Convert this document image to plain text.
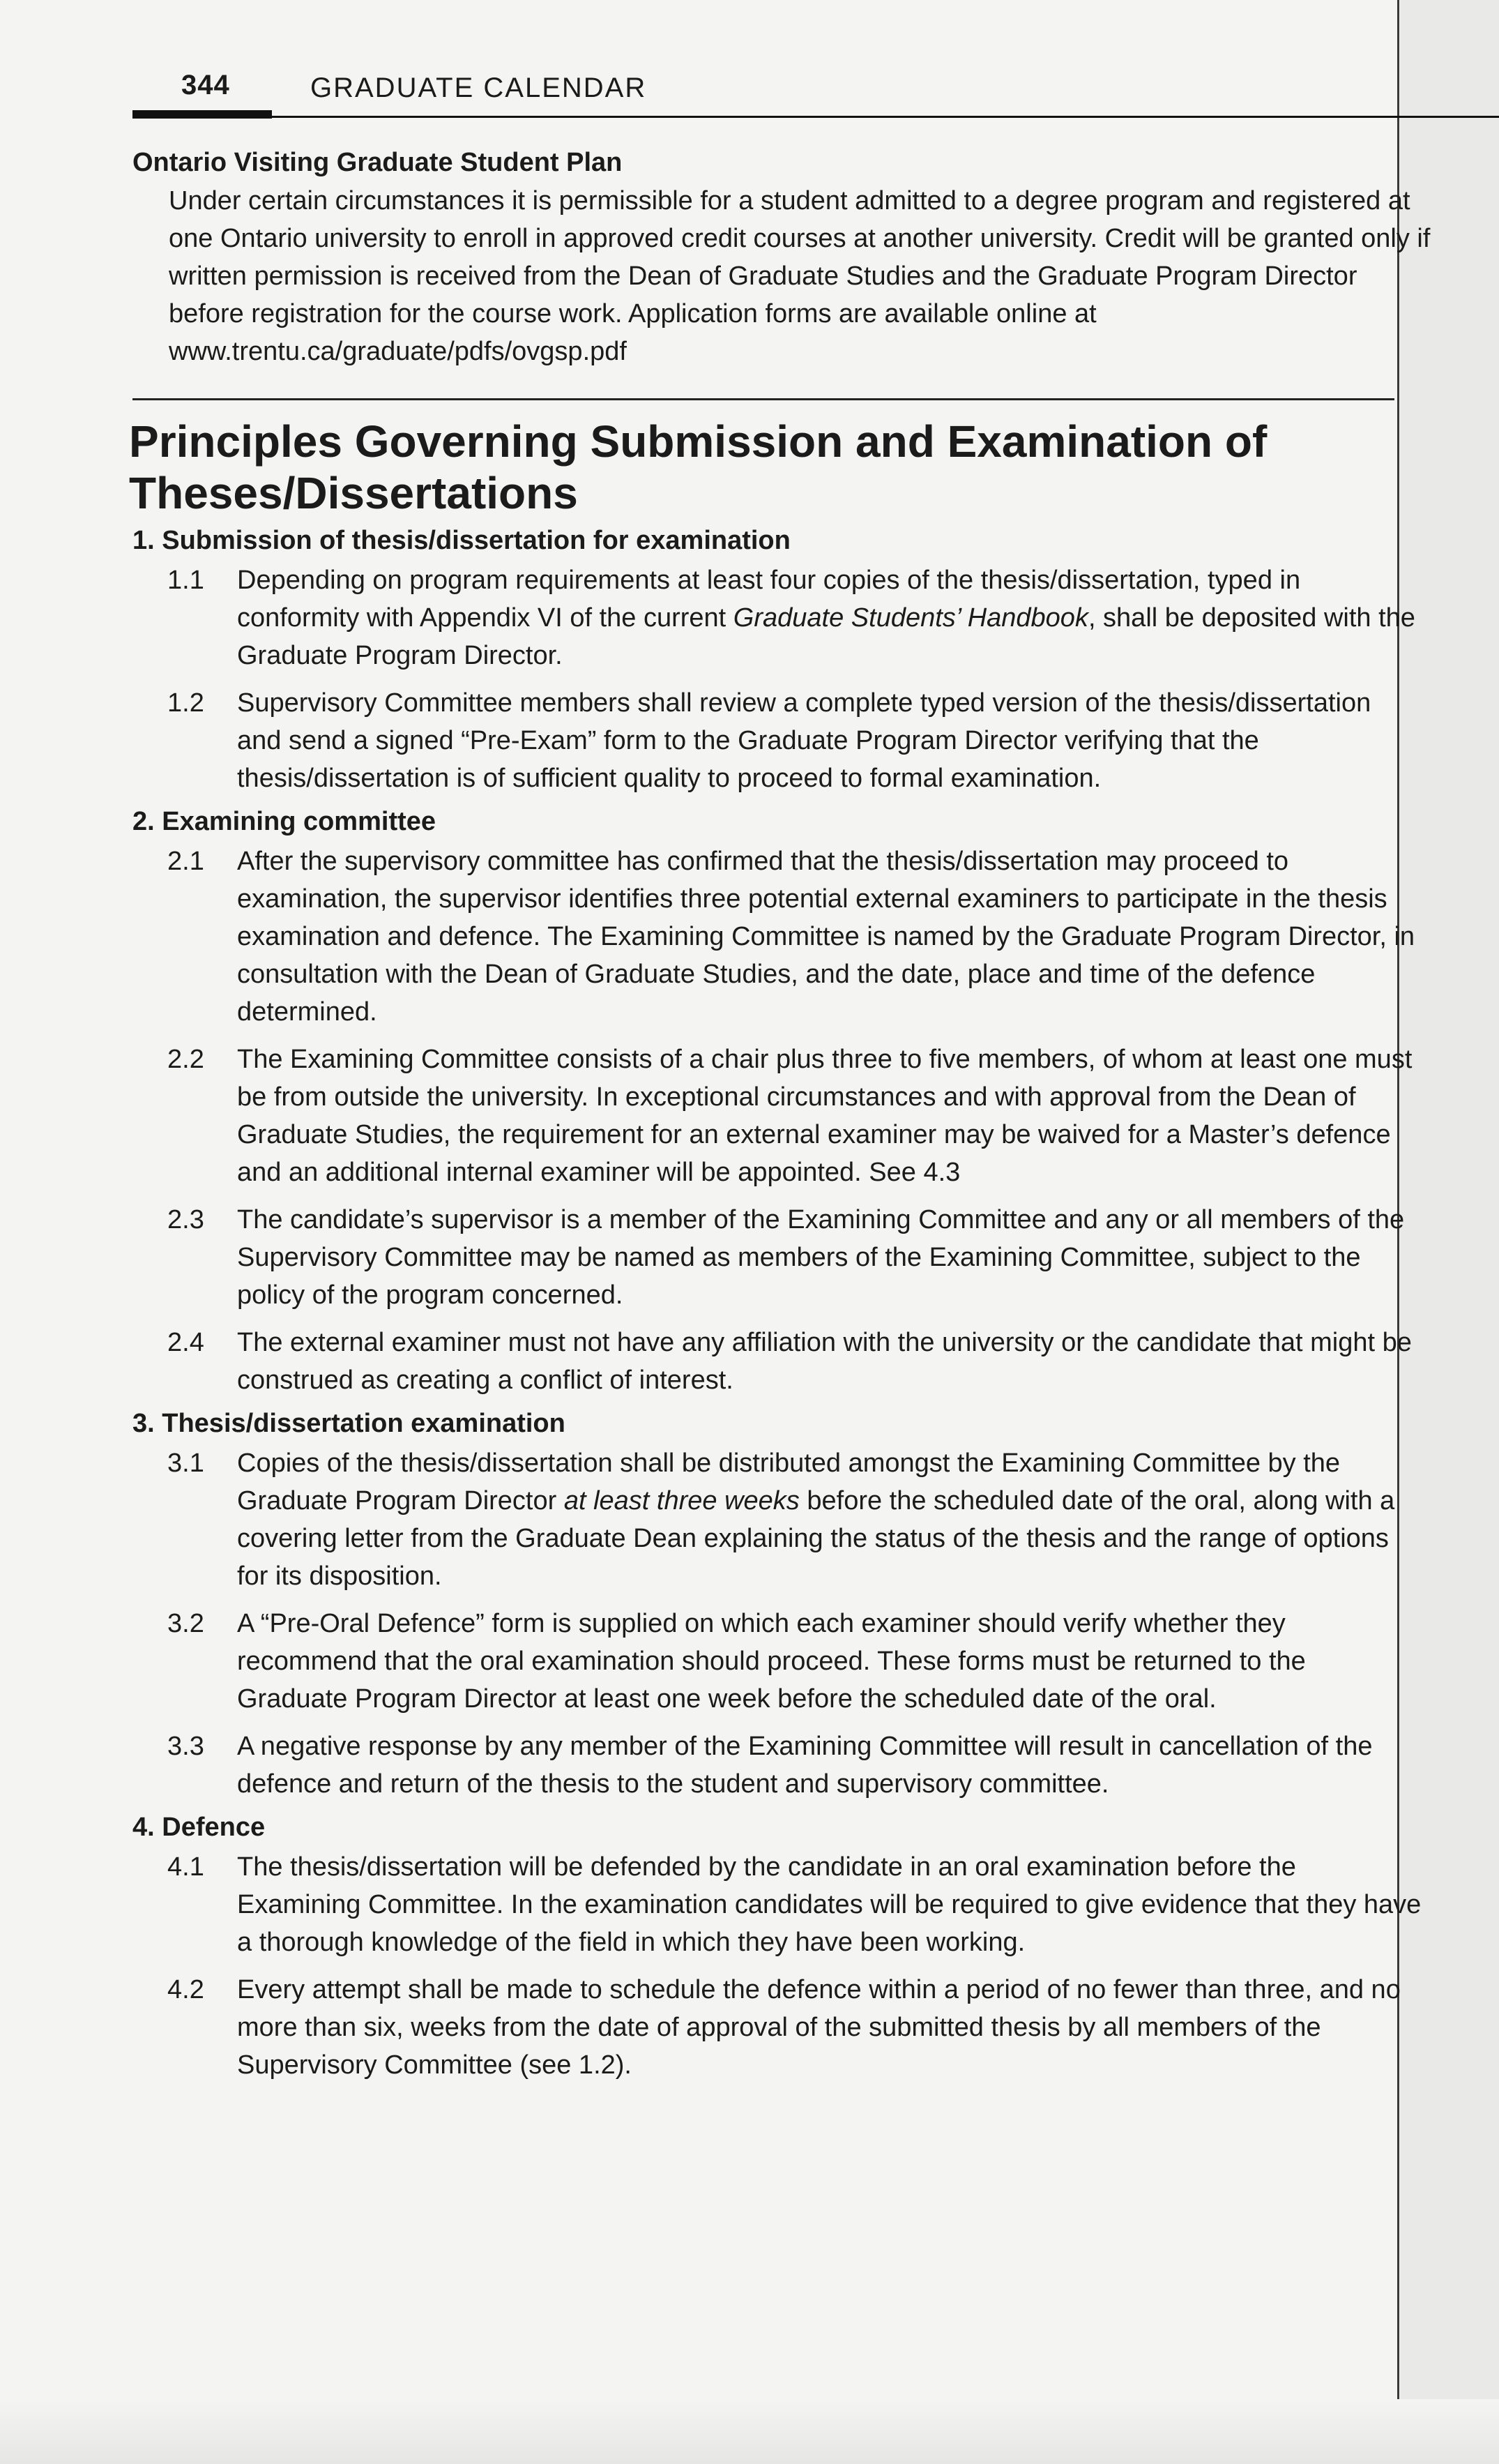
344	GRADUATE CALENDAR
Ontario Visiting Graduate Student Plan
Under certain circumstances it is permissible for a student admitted to a degree program and registered at one Ontario university to enroll in approved credit courses at another university. Credit will be granted only if written permission is received from the Dean of Graduate Studies and the Graduate Program Director before registration for the course work. Application forms are available online at www.trentu.ca/graduate/pdfs/ovgsp.pdf
Principles Governing Submission and Examination of Theses/Dissertations
1. Submission of thesis/dissertation for examination
1.1 Depending on program requirements at least four copies of the thesis/dissertation, typed in conformity with Appendix VI of the current Graduate Students’ Handbook, shall be deposited with the Graduate Program Director.
1.2 Supervisory Committee members shall review a complete typed version of the thesis/dissertation and send a signed “Pre-Exam” form to the Graduate Program Director verifying that the thesis/dissertation is of sufficient quality to proceed to formal examination.
2. Examining committee
2.1 After the supervisory committee has confirmed that the thesis/dissertation may proceed to examination, the supervisor identifies three potential external examiners to participate in the thesis examination and defence. The Examining Committee is named by the Graduate Program Director, in consultation with the Dean of Graduate Studies, and the date, place and time of the defence determined.
2.2 The Examining Committee consists of a chair plus three to five members, of whom at least one must be from outside the university. In exceptional circumstances and with approval from the Dean of Graduate Studies, the requirement for an external examiner may be waived for a Master’s defence and an additional internal examiner will be appointed. See 4.3
2.3 The candidate’s supervisor is a member of the Examining Committee and any or all members of the Supervisory Committee may be named as members of the Examining Committee, subject to the policy of the program concerned.
2.4 The external examiner must not have any affiliation with the university or the candidate that might be construed as creating a conflict of interest.
3. Thesis/dissertation examination
3.1 Copies of the thesis/dissertation shall be distributed amongst the Examining Committee by the Graduate Program Director at least three weeks before the scheduled date of the oral, along with a covering letter from the Graduate Dean explaining the status of the thesis and the range of options for its disposition.
3.2 A “Pre-Oral Defence” form is supplied on which each examiner should verify whether they recommend that the oral examination should proceed. These forms must be returned to the Graduate Program Director at least one week before the scheduled date of the oral.
3.3 A negative response by any member of the Examining Committee will result in cancellation of the defence and return of the thesis to the student and supervisory committee.
4. Defence
4.1 The thesis/dissertation will be defended by the candidate in an oral examination before the Examining Committee. In the examination candidates will be required to give evidence that they have a thorough knowledge of the field in which they have been working.
4.2 Every attempt shall be made to schedule the defence within a period of no fewer than three, and no more than six, weeks from the date of approval of the submitted thesis by all members of the Supervisory Committee (see 1.2).
